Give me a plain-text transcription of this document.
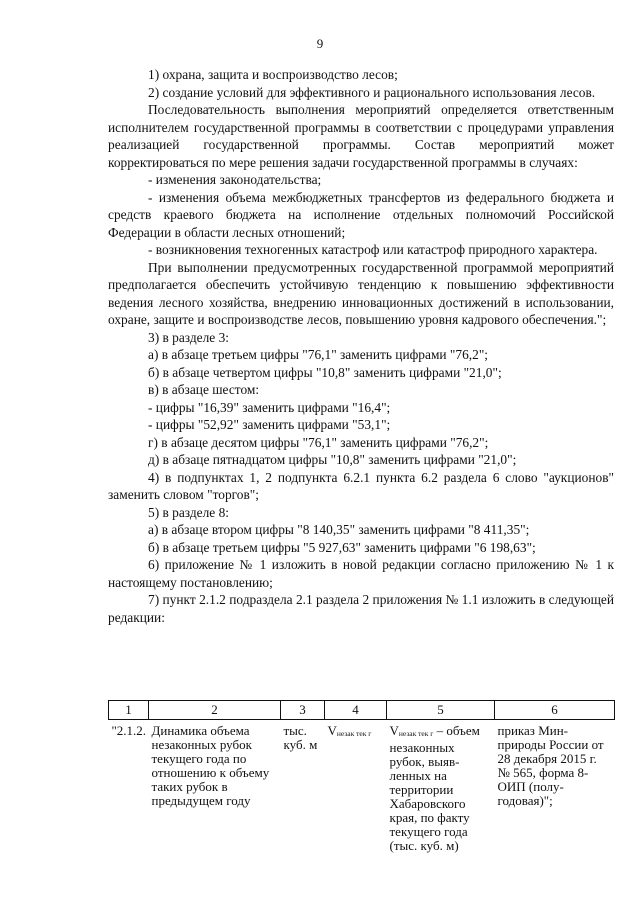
9

1) охрана, защита и воспроизводство лесов;

2) создание условий для эффективного и рационального использования лесов.

Последовательность выполнения мероприятий определяется ответственным исполнителем государственной программы в соответствии с процедурами управления реализацией государственной программы. Состав мероприятий может корректироваться по мере решения задачи государственной программы в случаях:

- изменения законодательства;

- изменения объема межбюджетных трансфертов из федерального бюджета и средств краевого бюджета на исполнение отдельных полномочий Российской Федерации в области лесных отношений;

- возникновения техногенных катастроф или катастроф природного характера.

При выполнении предусмотренных государственной программой мероприятий предполагается обеспечить устойчивую тенденцию к повышению эффективности ведения лесного хозяйства, внедрению инновационных достижений в использовании, охране, защите и воспроизводстве лесов, повышению уровня кадрового обеспечения.";

3) в разделе 3:

а) в абзаце третьем цифры "76,1" заменить цифрами "76,2";

б) в абзаце четвертом цифры "10,8" заменить цифрами "21,0";

в) в абзаце шестом:

- цифры "16,39" заменить цифрами "16,4";

- цифры "52,92" заменить цифрами "53,1";

г) в абзаце десятом цифры "76,1" заменить цифрами "76,2";

д) в абзаце пятнадцатом цифры "10,8" заменить цифрами "21,0";

4) в подпунктах 1, 2 подпункта 6.2.1 пункта 6.2 раздела 6 слово "аукционов" заменить словом "торгов";

5) в разделе 8:

а) в абзаце втором цифры "8 140,35" заменить цифрами "8 411,35";

б) в абзаце третьем цифры "5 927,63" заменить цифрами "6 198,63";

6) приложение № 1 изложить в новой редакции согласно приложению № 1 к настоящему постановлению;

7) пункт 2.1.2 подраздела 2.1 раздела 2 приложения № 1.1 изложить в следующей редакции:

1	2	3	4	5	6
"2.1.2.	Динамика объема незаконных рубок текущего года по отношению к объему таких рубок в предыдущем году	тыс. куб. м	$V_{незак тек г}$	$V_{незак тек г}$ – объем незаконных рубок, выявленных на территории Хабаровского края, по факту текущего года (тыс. куб. м)	приказ Минприроды России от 28 декабря 2015 г. № 565, форма 8-ОИП (полугодовая)";
